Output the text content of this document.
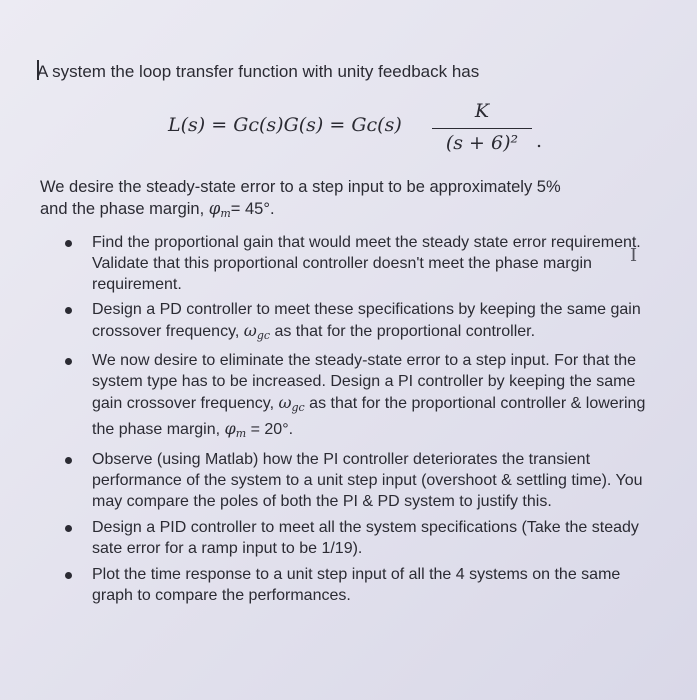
A system the loop transfer function with unity feedback has
L(s) = Gᴄ(s)G(s) = Gᴄ(s)
K
(s + 6)² .
We desire the steady-state error to a step input to be approximately 5%
and the phase margin, $\varphi_m= 45^\circ$.
Find the proportional gain that would meet the steady state error requirement. Validate that this proportional controller doesn't meet the phase margin requirement.
Design a PD controller to meet these specifications by keeping the same gain crossover frequency, $\omega_{gc}$ as that for the proportional controller.
We now desire to eliminate the steady-state error to a step input. For that the system type has to be increased. Design a PI controller by keeping the same gain crossover frequency, $\omega_{gc}$ as that for the proportional controller & lowering the phase margin, $\varphi_m = 20^\circ$.
Observe (using Matlab) how the PI controller deteriorates the transient performance of the system to a unit step input (overshoot & settling time). You may compare the poles of both the PI & PD system to justify this.
Design a PID controller to meet all the system specifications (Take the steady sate error for a ramp input to be 1/19).
Plot the time response to a unit step input of all the 4 systems on the same graph to compare the performances.
I
